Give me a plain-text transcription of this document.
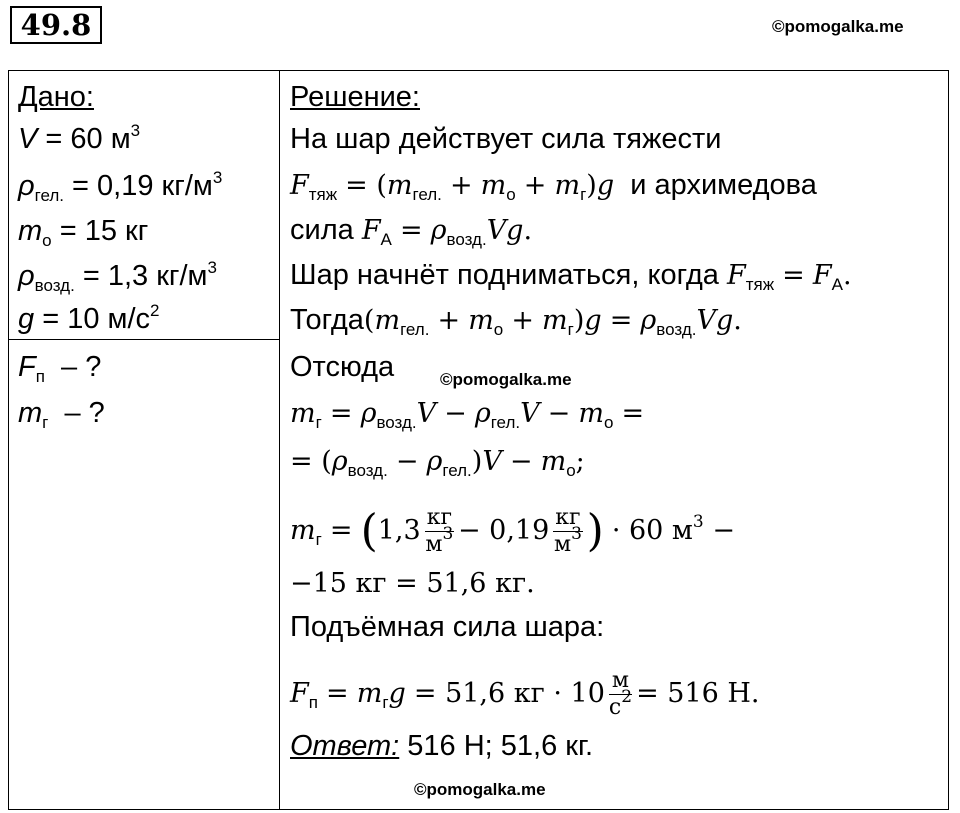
49.8	©pomogalka.me
Дано:
V = 60 $м^3$
$\rho_{гел.} = 0,19$ $кг/м^3$
$m_о = 15$ кг
$\rho_{возд.} = 1,3$ $кг/м^3$
g = 10 $м/с^2$
$F_п$  – ?
$m_г$  – ?
Решение:
На шар действует сила тяжести
$F_{тяж} = (m_{гел.} + m_о + m_г)g$ и архимедова
сила $F_А = \rho_{возд.}Vg$.
Шар начнёт подниматься, когда $F_{тяж} = F_А$.
$Тогда(m_{гел.} + m_о + m_г)g = \rho_{возд.}Vg$.
Отсюда	©pomogalka.me
$m_г = \rho_{возд.}V - \rho_{гел.}V - m_о$ =
= $(\rho_{возд.} - \rho_{гел.})V - m_о$;
$m_г = (1,3 \frac{кг}{м^3} - 0,19 \frac{кг}{м^3}$ ) · 60 $м^3$ −
−15 кг = 51,6 кг.
Подъёмная сила шара:
$F_п = m_гg = 51,6$ кг · $10 \frac{м}{с^2} = 516$ Н.
Ответ: 516 Н; 51,6 кг.
©pomogalka.me
